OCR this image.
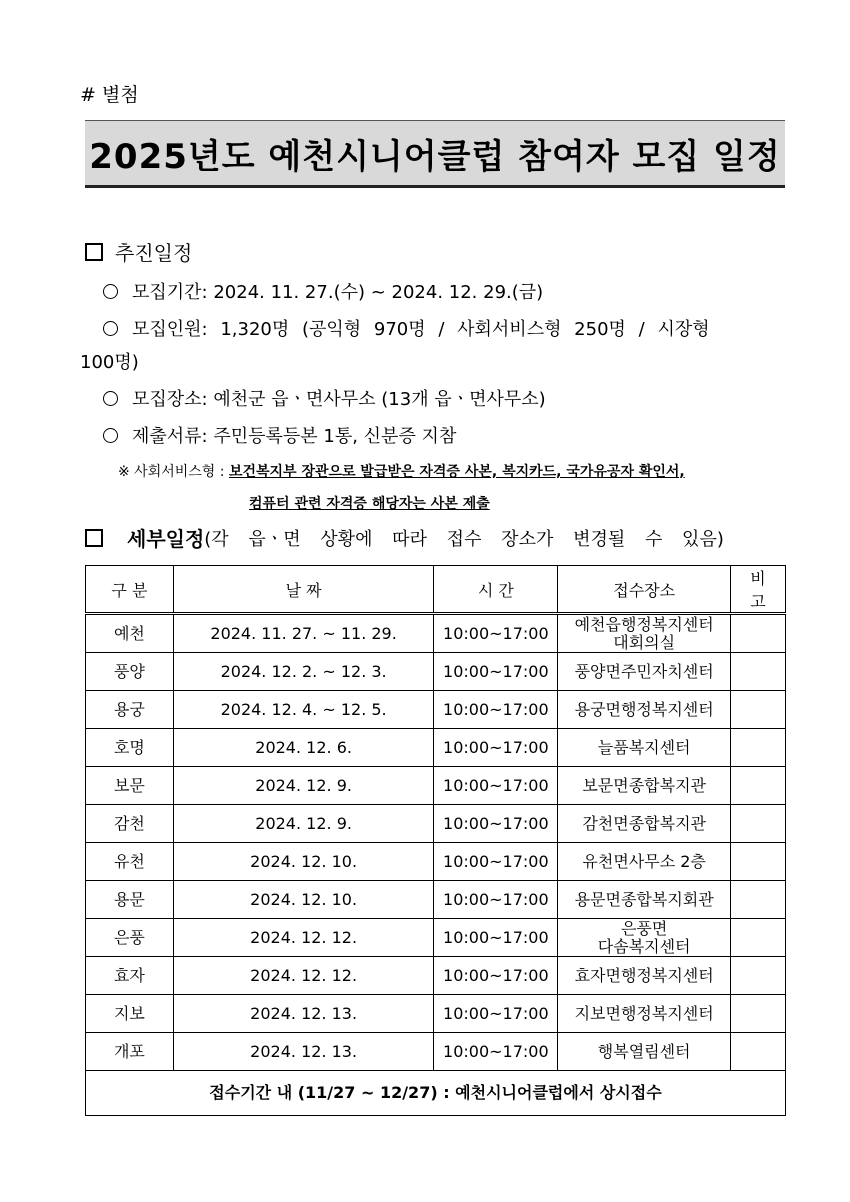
# 별첨
2025년도 예천시니어클럽 참여자 모집 일정
추진일정
모집기간: 2024. 11. 27.(수) ~ 2024. 12. 29.(금)
모집인원: 1,320명 (공익형 970명 / 사회서비스형 250명 / 시장형
100명)
모집장소: 예천군 읍ㆍ면사무소 (13개 읍ㆍ면사무소)
제출서류: 주민등록등본 1통, 신분증 지참
※ 사회서비스형 : 보건복지부 장관으로 발급받은 자격증 사본, 복지카드, 국가유공자 확인서,
컴퓨터 관련 자격증 해당자는 사본 제출
세부일정 (각 읍ㆍ면 상황에 따라 접수 장소가 변경될 수 있음)
구 분	날 짜	시 간	접수장소	비고
예천	2024. 11. 27. ~ 11. 29.	10:00~17:00	예천읍행정복지센터
대회의실	
풍양	2024. 12. 2. ~ 12. 3.	10:00~17:00	풍양면주민자치센터	
용궁	2024. 12. 4. ~ 12. 5.	10:00~17:00	용궁면행정복지센터	
호명	2024. 12. 6.	10:00~17:00	늘품복지센터	
보문	2024. 12. 9.	10:00~17:00	보문면종합복지관	
감천	2024. 12. 9.	10:00~17:00	감천면종합복지관	
유천	2024. 12. 10.	10:00~17:00	유천면사무소 2층	
용문	2024. 12. 10.	10:00~17:00	용문면종합복지회관	
은풍	2024. 12. 12.	10:00~17:00	은풍면
다솜복지센터	
효자	2024. 12. 12.	10:00~17:00	효자면행정복지센터	
지보	2024. 12. 13.	10:00~17:00	지보면행정복지센터	
개포	2024. 12. 13.	10:00~17:00	행복열림센터	
접수기간 내 (11/27 ~ 12/27) : 예천시니어클럽에서 상시접수				
